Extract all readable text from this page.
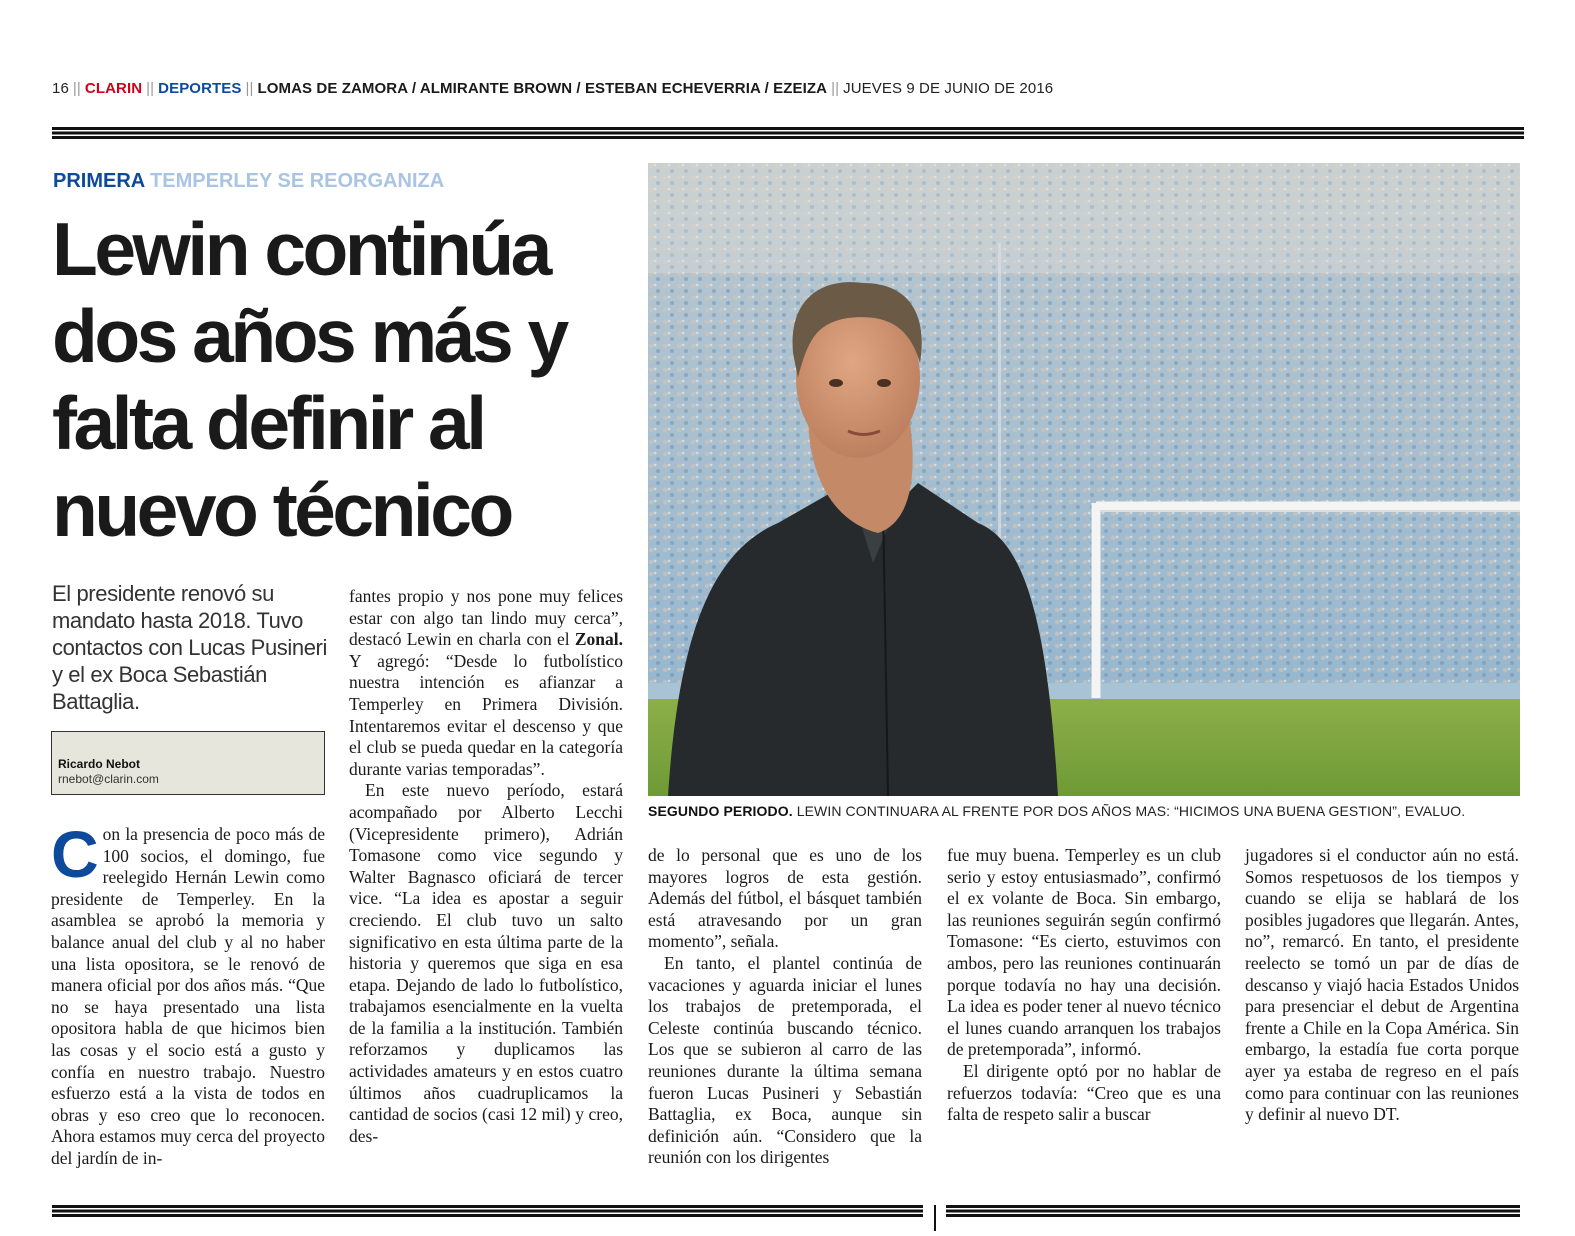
16 || CLARIN || DEPORTES || LOMAS DE ZAMORA / ALMIRANTE BROWN / ESTEBAN ECHEVERRIA / EZEIZA || JUEVES 9 DE JUNIO DE 2016
PRIMERA TEMPERLEY SE REORGANIZA
Lewin continúa
dos años más y
falta definir al
nuevo técnico
El presidente renovó su mandato hasta 2018. Tuvo contactos con Lucas Pusineri y el ex Boca Sebastián Battaglia.
Ricardo Nebot
rnebot@clarin.com

Con la presencia de poco más de 100 socios, el domingo, fue reelegido Hernán Lewin como presidente de Temperley. En la asamblea se aprobó la memoria y balance anual del club y al no haber una lista opositora, se le renovó de manera oficial por dos años más. “Que no se haya presentado una lista opositora habla de que hicimos bien las cosas y el socio está a gusto y confía en nuestro trabajo. Nuestro esfuerzo está a la vista de todos en obras y eso creo que lo reconocen. Ahora estamos muy cerca del proyecto del jardín de in-

fantes propio y nos pone muy felices estar con algo tan lindo muy cerca”, destacó Lewin en charla con el Zonal. Y agregó: “Desde lo futbolístico nuestra intención es afianzar a Temperley en Primera División. Intentaremos evitar el descenso y que el club se pueda quedar en la categoría durante varias temporadas”.

En este nuevo período, estará acompañado por Alberto Lecchi (Vicepresidente primero), Adrián Tomasone como vice segundo y Walter Bagnasco oficiará de tercer vice. “La idea es apostar a seguir creciendo. El club tuvo un salto significativo en esta última parte de la historia y queremos que siga en esa etapa. Dejando de lado lo futbolístico, trabajamos esencialmente en la vuelta de la familia a la institución. También reforzamos y duplicamos las actividades amateurs y en estos cuatro últimos años cuadruplicamos la cantidad de socios (casi 12 mil) y creo, des-

SEGUNDO PERIODO. LEWIN CONTINUARA AL FRENTE POR DOS AÑOS MAS: “HICIMOS UNA BUENA GESTION”, EVALUO.

de lo personal que es uno de los mayores logros de esta gestión. Además del fútbol, el básquet también está atravesando por un gran momento”, señala.

En tanto, el plantel continúa de vacaciones y aguarda iniciar el lunes los trabajos de pretemporada, el Celeste continúa buscando técnico. Los que se subieron al carro de las reuniones durante la última semana fueron Lucas Pusineri y Sebastián Battaglia, ex Boca, aunque sin definición aún. “Considero que la reunión con los dirigentes

fue muy buena. Temperley es un club serio y estoy entusiasmado”, confirmó el ex volante de Boca. Sin embargo, las reuniones seguirán según confirmó Tomasone: “Es cierto, estuvimos con ambos, pero las reuniones continuarán porque todavía no hay una decisión. La idea es poder tener al nuevo técnico el lunes cuando arranquen los trabajos de pretemporada”, informó.

El dirigente optó por no hablar de refuerzos todavía: “Creo que es una falta de respeto salir a buscar

jugadores si el conductor aún no está. Somos respetuosos de los tiempos y cuando se elija se hablará de los posibles jugadores que llegarán. Antes, no”, remarcó. En tanto, el presidente reelecto se tomó un par de días de descanso y viajó hacia Estados Unidos para presenciar el debut de Argentina frente a Chile en la Copa América. Sin embargo, la estadía fue corta porque ayer ya estaba de regreso en el país como para continuar con las reuniones y definir al nuevo DT.
